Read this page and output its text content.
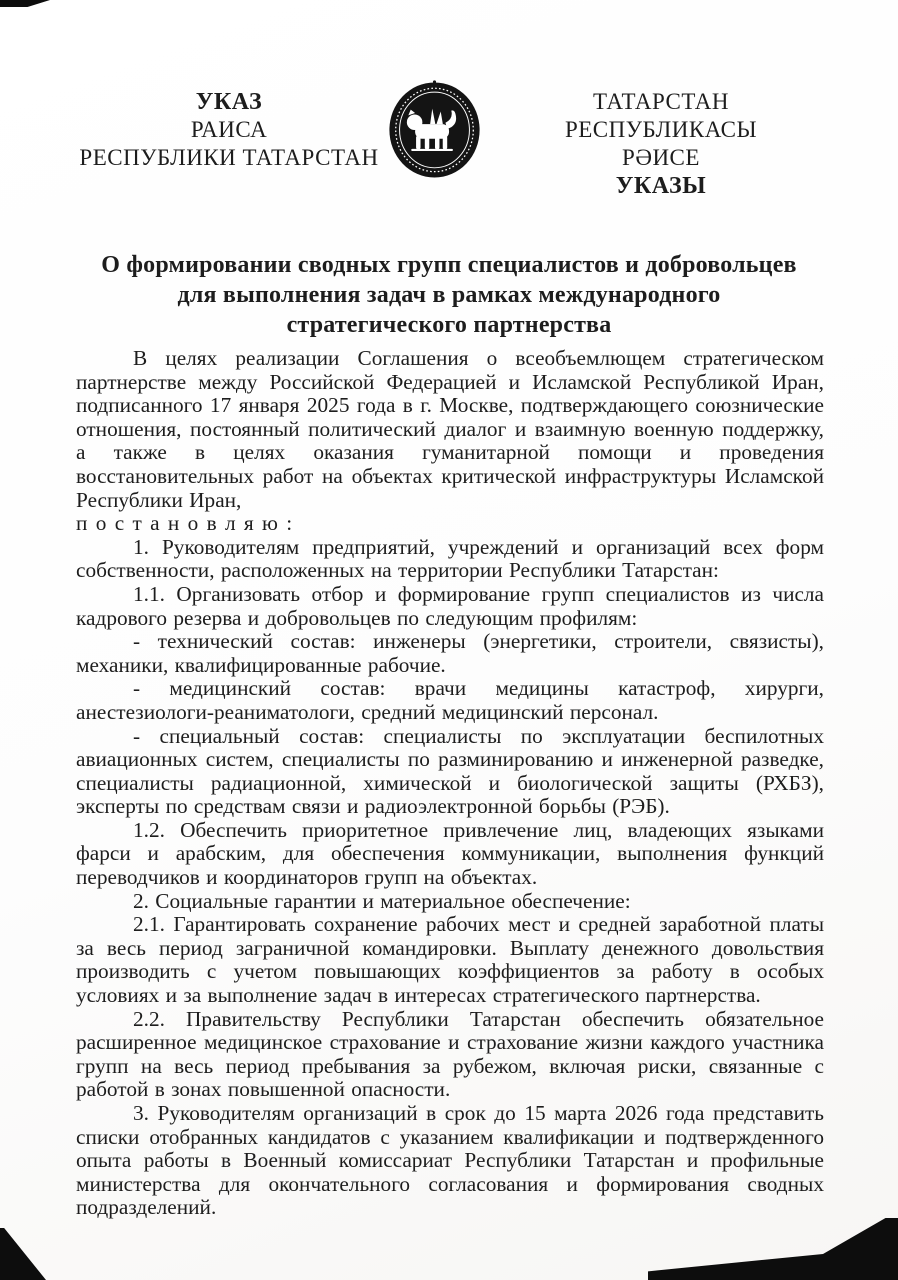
УКАЗ
РАИСА
РЕСПУБЛИКИ ТАТАРСТАН
ТАТАРСТАН РЕСПУБЛИКАСЫ
РӘИСЕ
УКАЗЫ
О формировании сводных групп специалистов и добровольцев для выполнения задач в рамках международного стратегического партнерства

В целях реализации Соглашения о всеобъемлющем стратегическом партнерстве между Российской Федерацией и Исламской Республикой Иран, подписанного 17 января 2025 года в г. Москве, подтверждающего союзнические отношения, постоянный политический диалог и взаимную военную поддержку, а также в целях оказания гуманитарной помощи и проведения восстановительных работ на объектах критической инфраструктуры Исламской Республики Иран,

п о с т а н о в л я ю :

1. Руководителям предприятий, учреждений и организаций всех форм собственности, расположенных на территории Республики Татарстан:

1.1. Организовать отбор и формирование групп специалистов из числа кадрового резерва и добровольцев по следующим профилям:

- технический состав: инженеры (энергетики, строители, связисты), механики, квалифицированные рабочие.

- медицинский состав: врачи медицины катастроф, хирурги, анестезиологи-реаниматологи, средний медицинский персонал.

- специальный состав: специалисты по эксплуатации беспилотных авиационных систем, специалисты по разминированию и инженерной разведке, специалисты радиационной, химической и биологической защиты (РХБЗ), эксперты по средствам связи и радиоэлектронной борьбы (РЭБ).

1.2. Обеспечить приоритетное привлечение лиц, владеющих языками фарси и арабским, для обеспечения коммуникации, выполнения функций переводчиков и координаторов групп на объектах.

2. Социальные гарантии и материальное обеспечение:

2.1. Гарантировать сохранение рабочих мест и средней заработной платы за весь период заграничной командировки. Выплату денежного довольствия производить с учетом повышающих коэффициентов за работу в особых условиях и за выполнение задач в интересах стратегического партнерства.

2.2. Правительству Республики Татарстан обеспечить обязательное расширенное медицинское страхование и страхование жизни каждого участника групп на весь период пребывания за рубежом, включая риски, связанные с работой в зонах повышенной опасности.

3. Руководителям организаций в срок до 15 марта 2026 года представить списки отобранных кандидатов с указанием квалификации и подтвержденного опыта работы в Военный комиссариат Республики Татарстан и профильные министерства для окончательного согласования и формирования сводных подразделений.
